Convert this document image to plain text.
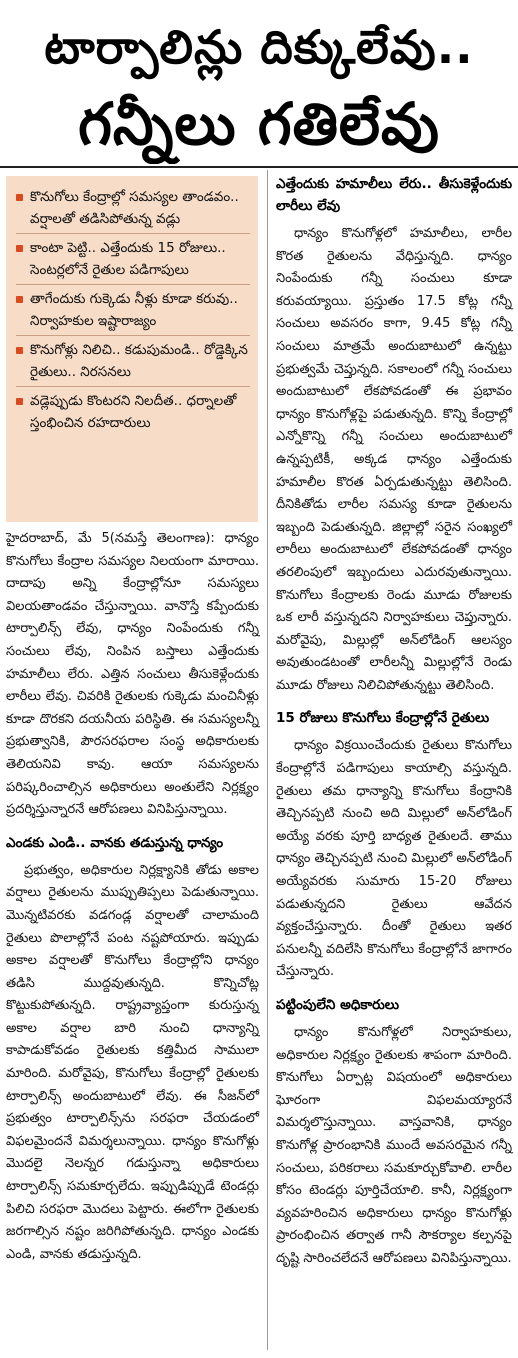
టార్పాలిన్లు దిక్కులేవు..
గన్నీలు గతిలేవు
కొనుగోలు కేంద్రాల్లో సమస్యల తాండవం.. వర్షాలతో తడిసిపోతున్న వడ్లు
కాంటా పెట్టి.. ఎత్తేందుకు 15 రోజులు.. సెంటర్లలోనే రైతుల పడిగాపులు
తాగేందుకు గుక్కెడు నీళ్లు కూడా కరువు.. నిర్వాహకుల ఇష్టారాజ్యం
కొనుగోళ్లు నిలిచి.. కడుపుమండి.. రోడ్డెక్కిన రైతులు.. నిరసనలు
వడ్లెప్పుడు కొంటరని నిలదీత.. ధర్నాలతో స్తంభించిన రహదారులు

హైదరాబాద్, మే 5(నమస్తే తెలంగాణ): ధాన్యం కొనుగోలు కేంద్రాల సమస్యల నిలయంగా మారాయి. దాదాపు అన్ని కేంద్రాల్లోనూ సమస్యలు విలయతాండవం చేస్తున్నాయి. వానొస్తే కప్పేందుకు టార్పాలిన్స్ లేవు, ధాన్యం నింపేందుకు గన్నీ సంచులు లేవు, నింపిన బస్తాలు ఎత్తేందుకు హమాలీలు లేరు. ఎత్తిన సంచులు తీసుకెళ్లేందుకు లారీలు లేవు. చివరికి రైతులకు గుక్కెడు మంచినీళ్లు కూడా దొరకని దయనీయ పరిస్థితి. ఈ సమస్యలన్నీ ప్రభుత్వానికి, పౌరసరఫరాల సంస్థ అధికారులకు తెలియనివి కావు. ఆయా సమస్యలను పరిష్కరించాల్సిన అధికారులు అంతులేని నిర్లక్ష్యం ప్రదర్శిస్తున్నారనే ఆరోపణలు వినిపిస్తున్నాయి.

ఎండకు ఎండి.. వానకు తడుస్తున్న ధాన్యం

ప్రభుత్వం, అధికారుల నిర్లక్ష్యానికి తోడు అకాల వర్షాలు రైతులను ముప్పుతిప్పలు పెడుతున్నాయి. మొన్నటివరకు వడగండ్ల వర్షాలతో చాలామంది రైతులు పొలాల్లోనే పంట నష్టపోయారు. ఇప్పుడు అకాల వర్షాలతో కొనుగోలు కేంద్రాల్లోని ధాన్యం తడిసి ముద్దవుతున్నది. కొన్నిచోట్ల కొట్టుకుపోతున్నది. రాష్ట్రవ్యాప్తంగా కురుస్తున్న అకాల వర్షాల బారి నుంచి ధాన్యాన్ని కాపాడుకోవడం రైతులకు కత్తిమీద సాములా మారింది. మరోవైపు, కొనుగోలు కేంద్రాల్లో రైతులకు టార్పాలిన్స్ అందుబాటులో లేవు. ఈ సీజన్‌లో ప్రభుత్వం టార్పాలిన్స్‌ను సరఫరా చేయడంలో విఫలమైందనే విమర్శలున్నాయి. ధాన్యం కొనుగోళ్లు మొదలై నెలన్నర గడుస్తున్నా అధికారులు టార్పాలిన్స్ సమకూర్చలేదు. ఇప్పుడిప్పుడే టెండర్లు పిలిచి సరఫరా మొదలు పెట్టారు. ఈలోగా రైతులకు జరగాల్సిన నష్టం జరిగిపోతున్నది. ధాన్యం ఎండకు ఎండి, వానకు తడుస్తున్నది.

ఎత్తేందుకు హమాలీలు లేరు.. తీసుకెళ్లేందుకు లారీలు లేవు

ధాన్యం కొనుగోళ్లలో హమాలీలు, లారీల కొరత రైతులను వేధిస్తున్నది. ధాన్యం నింపేందుకు గన్నీ సంచులు కూడా కరువయ్యాయి. ప్రస్తుతం 17.5 కోట్ల గన్నీ సంచులు అవసరం కాగా, 9.45 కోట్ల గన్నీ సంచులు మాత్రమే అందుబాటులో ఉన్నట్టు ప్రభుత్వమే చెప్తున్నది. సకాలంలో గన్నీ సంచులు అందుబాటులో లేకపోవడంతో ఈ ప్రభావం ధాన్యం కొనుగోళ్లపై పడుతున్నది. కొన్ని కేంద్రాల్లో ఎన్నోకొన్ని గన్నీ సంచులు అందుబాటులో ఉన్నప్పటికీ, అక్కడ ధాన్యం ఎత్తేందుకు హమాలీల కొరత ఏర్పడుతున్నట్టు తెలిసింది. దీనికితోడు లారీల సమస్య కూడా రైతులను ఇబ్బంది పెడుతున్నది. జిల్లాల్లో సరైన సంఖ్యలో లారీలు అందుబాటులో లేకపోవడంతో ధాన్యం తరలింపులో ఇబ్బందులు ఎదురవుతున్నాయి. కొనుగోలు కేంద్రాలకు రెండు మూడు రోజులకు ఒక లారీ వస్తున్నదని నిర్వాహకులు చెప్తున్నారు. మరోవైపు, మిల్లుల్లో అన్‌లోడింగ్ ఆలస్యం అవుతుండటంతో లారీలన్నీ మిల్లుల్లోనే రెండు మూడు రోజులు నిలిచిపోతున్నట్టు తెలిసింది.

15 రోజులు కొనుగోలు కేంద్రాల్లోనే రైతులు

ధాన్యం విక్రయించేందుకు రైతులు కొనుగోలు కేంద్రాల్లోనే పడిగాపులు కాయాల్సి వస్తున్నది. రైతులు తమ ధాన్యాన్ని కొనుగోలు కేంద్రానికి తెచ్చినప్పటి నుంచి అది మిల్లులో అన్‌లోడింగ్ అయ్యే వరకు పూర్తి బాధ్యత రైతులదే. తాము ధాన్యం తెచ్చినప్పటి నుంచి మిల్లులో అన్‌లోడింగ్ అయ్యేవరకు సుమారు 15-20 రోజులు పడుతున్నదని రైతులు ఆవేదన వ్యక్తంచేస్తున్నారు. దీంతో రైతులు ఇతర పనులన్నీ వదిలేసి కొనుగోలు కేంద్రాల్లోనే జాగారం చేస్తున్నారు.

పట్టింపులేని అధికారులు

ధాన్యం కొనుగోళ్లలో నిర్వాహకులు, అధికారుల నిర్లక్ష్యం రైతులకు శాపంగా మారింది. కొనుగోలు ఏర్పాట్ల విషయంలో అధికారులు ఘోరంగా విఫలమయ్యారనే విమర్శలొస్తున్నాయి. వాస్తవానికి, ధాన్యం కొనుగోళ్ల ప్రారంభానికి ముందే అవసరమైన గన్నీ సంచులు, పరికరాలు సమకూర్చుకోవాలి. లారీల కోసం టెండర్లు పూర్తిచేయాలి. కానీ, నిర్లక్ష్యంగా వ్యవహరించిన అధికారులు ధాన్యం కొనుగోళ్లు ప్రారంభించిన తర్వాత గానీ సౌకర్యాల కల్పనపై దృష్టి సారించలేదనే ఆరోపణలు వినిపిస్తున్నాయి.
